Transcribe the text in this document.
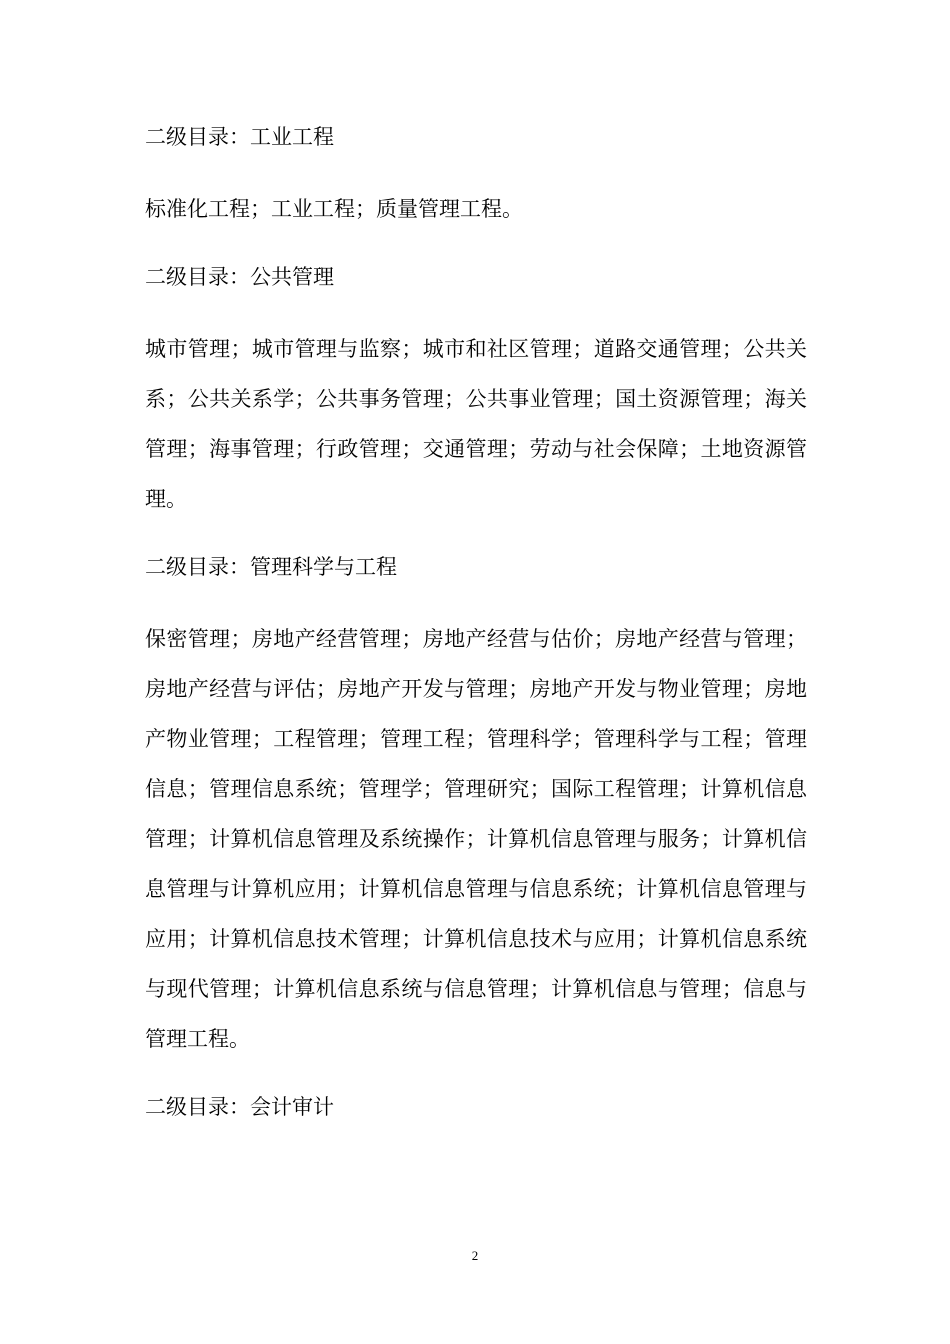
二级目录：工业工程
标准化工程；工业工程；质量管理工程。
二级目录：公共管理
城市管理；城市管理与监察；城市和社区管理；道路交通管理；公共关系；公共关系学；公共事务管理；公共事业管理；国土资源管理；海关管理；海事管理；行政管理；交通管理；劳动与社会保障；土地资源管理。
二级目录：管理科学与工程
保密管理；房地产经营管理；房地产经营与估价；房地产经营与管理；房地产经营与评估；房地产开发与管理；房地产开发与物业管理；房地产物业管理；工程管理；管理工程；管理科学；管理科学与工程；管理信息；管理信息系统；管理学；管理研究；国际工程管理；计算机信息管理；计算机信息管理及系统操作；计算机信息管理与服务；计算机信息管理与计算机应用；计算机信息管理与信息系统；计算机信息管理与应用；计算机信息技术管理；计算机信息技术与应用；计算机信息系统与现代管理；计算机信息系统与信息管理；计算机信息与管理；信息与管理工程。
二级目录：会计审计
2
